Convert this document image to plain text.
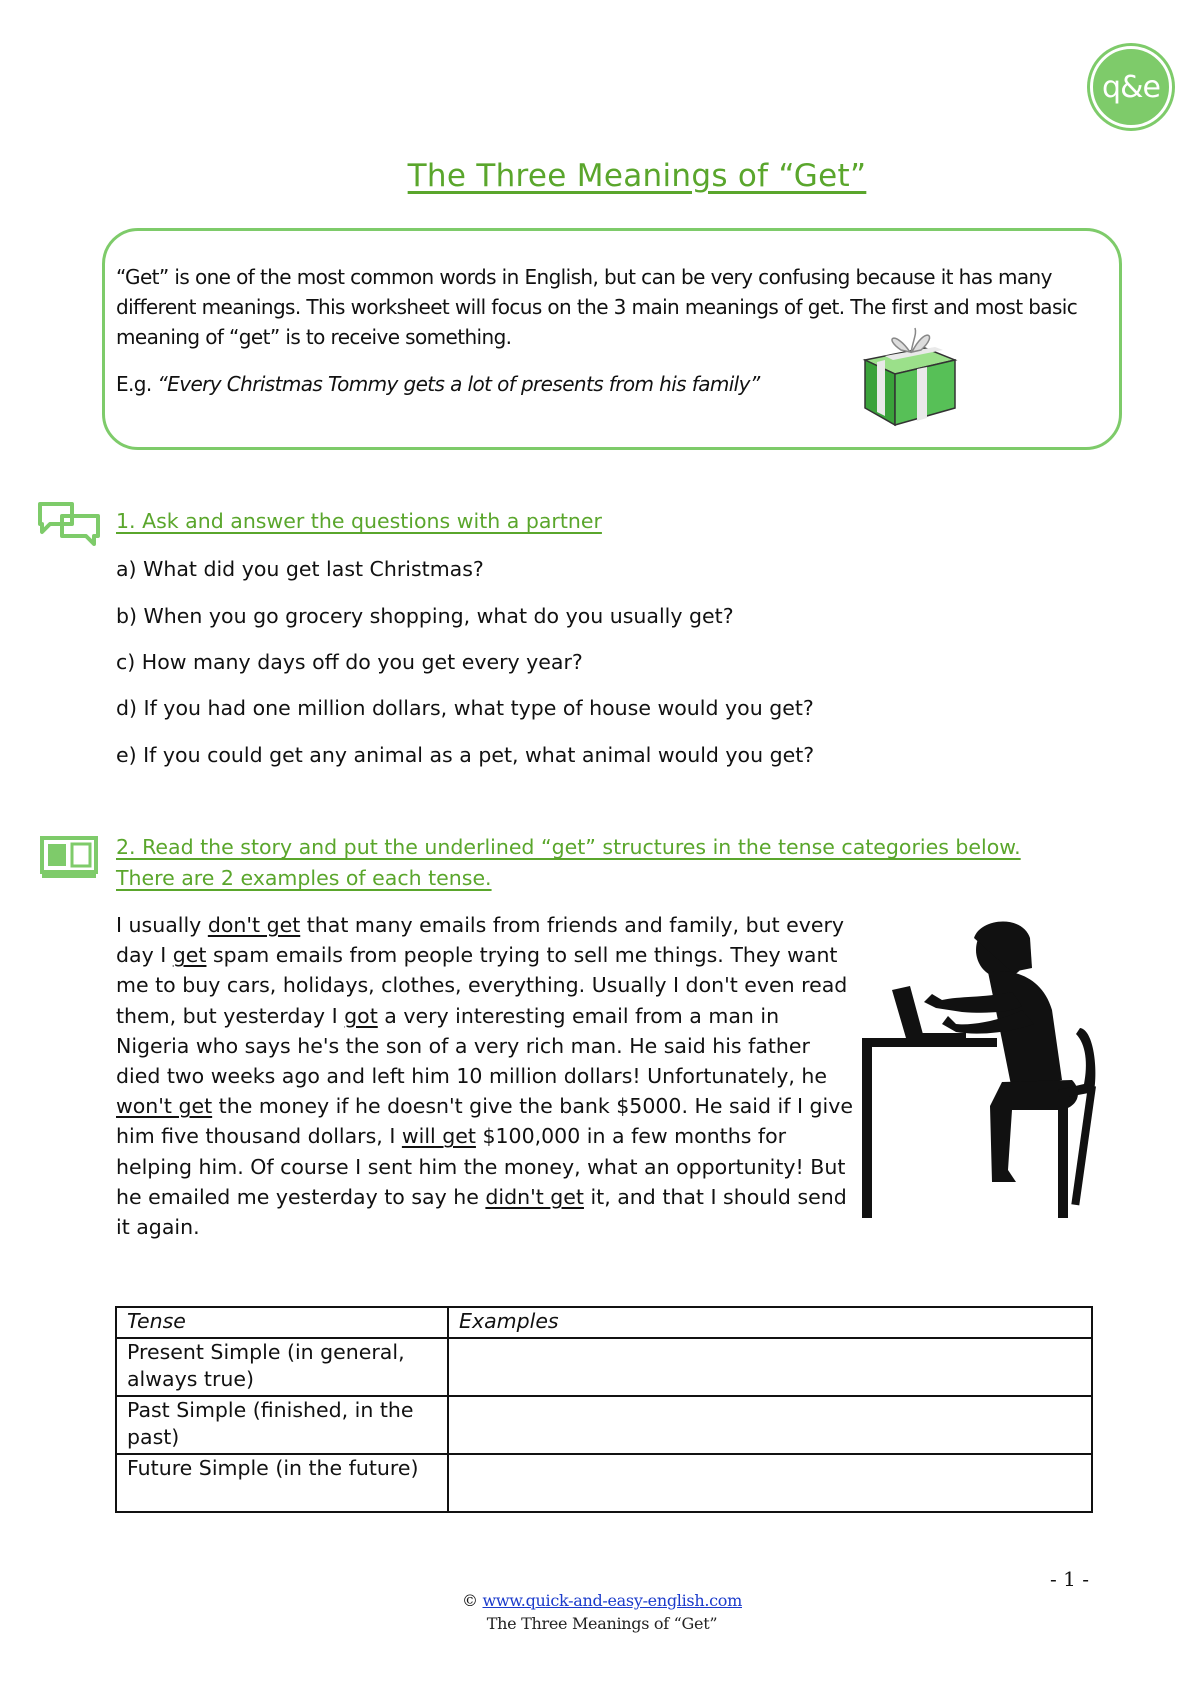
q&e
The Three Meanings of “Get”
“Get” is one of the most common words in English, but can be very confusing because it has many different meanings. This worksheet will focus on the 3 main meanings of get. The first and most basic meaning of “get” is to receive something.
E.g. “Every Christmas Tommy gets a lot of presents from his family”
1. Ask and answer the questions with a partner
a) What did you get last Christmas?
b) When you go grocery shopping, what do you usually get?
c) How many days off do you get every year?
d) If you had one million dollars, what type of house would you get?
e) If you could get any animal as a pet, what animal would you get?
2. Read the story and put the underlined “get” structures in the tense categories below.
There are 2 examples of each tense.
I usually don't get that many emails from friends and family, but every day I get spam emails from people trying to sell me things. They want me to buy cars, holidays, clothes, everything. Usually I don't even read them, but yesterday I got a very interesting email from a man in Nigeria who says he's the son of a very rich man. He said his father died two weeks ago and left him 10 million dollars! Unfortunately, he won't get the money if he doesn't give the bank $5000. He said if I give him five thousand dollars, I will get $100,000 in a few months for helping him. Of course I sent him the money, what an opportunity! But he emailed me yesterday to say he didn't get it, and that I should send it again.
Tense	Examples
Present Simple (in general, always true)	
Past Simple (finished, in the past)	
Future Simple (in the future)	
- 1 -
© www.quick-and-easy-english.com
The Three Meanings of “Get”
